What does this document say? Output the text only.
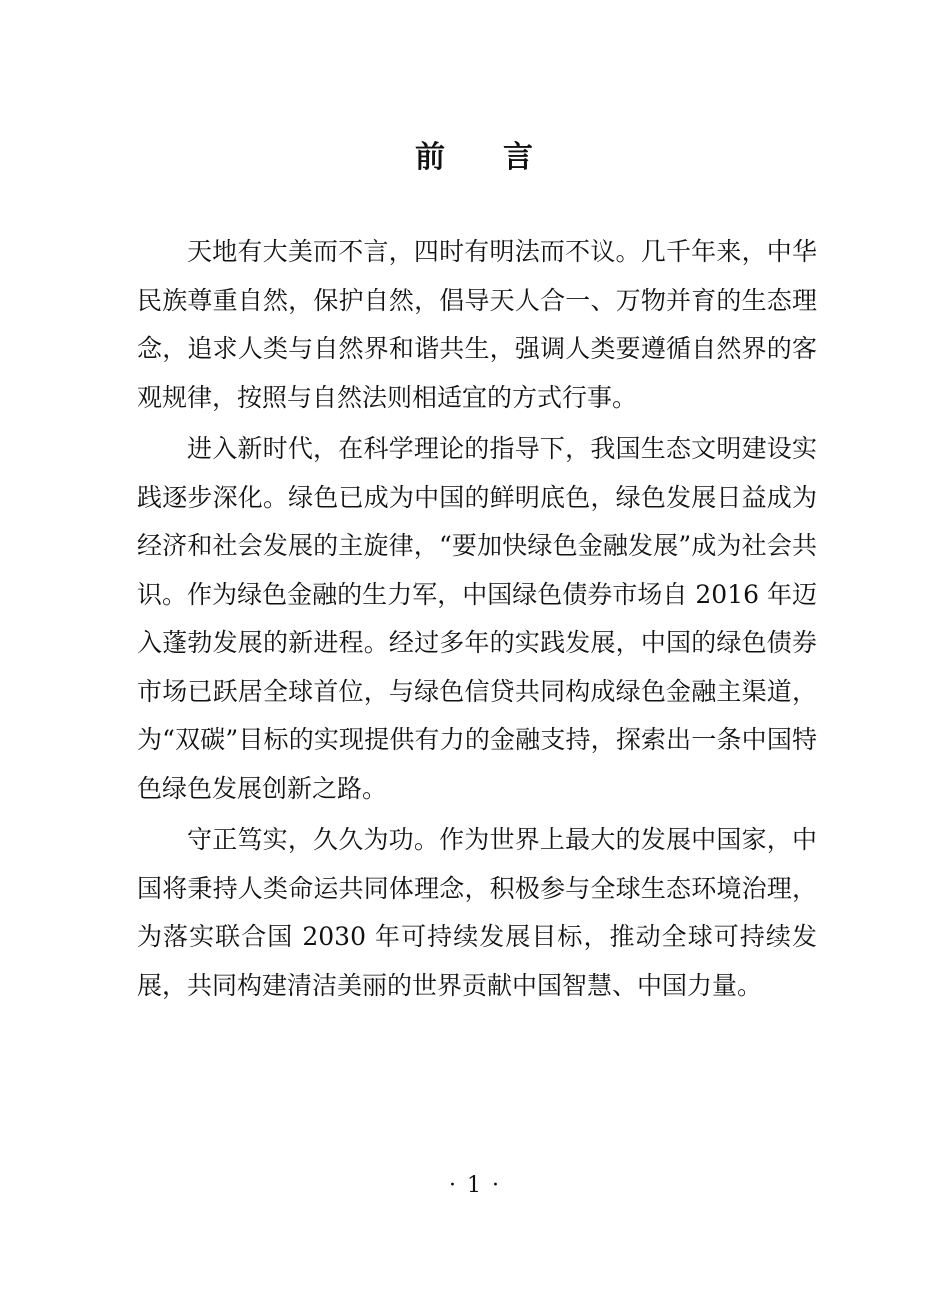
前 言

天地有大美而不言，四时有明法而不议。几千年来，中华民族尊重自然，保护自然，倡导天人合一、万物并育的生态理念，追求人类与自然界和谐共生，强调人类要遵循自然界的客观规律，按照与自然法则相适宜的方式行事。

进入新时代，在科学理论的指导下，我国生态文明建设实践逐步深化。绿色已成为中国的鲜明底色，绿色发展日益成为经济和社会发展的主旋律，“要加快绿色金融发展”成为社会共识。作为绿色金融的生力军，中国绿色债券市场自 2016 年迈入蓬勃发展的新进程。经过多年的实践发展，中国的绿色债券市场已跃居全球首位，与绿色信贷共同构成绿色金融主渠道，为“双碳”目标的实现提供有力的金融支持，探索出一条中国特色绿色发展创新之路。

守正笃实，久久为功。作为世界上最大的发展中国家，中国将秉持人类命运共同体理念，积极参与全球生态环境治理，为落实联合国 2030 年可持续发展目标，推动全球可持续发展，共同构建清洁美丽的世界贡献中国智慧、中国力量。

· 1 ·
